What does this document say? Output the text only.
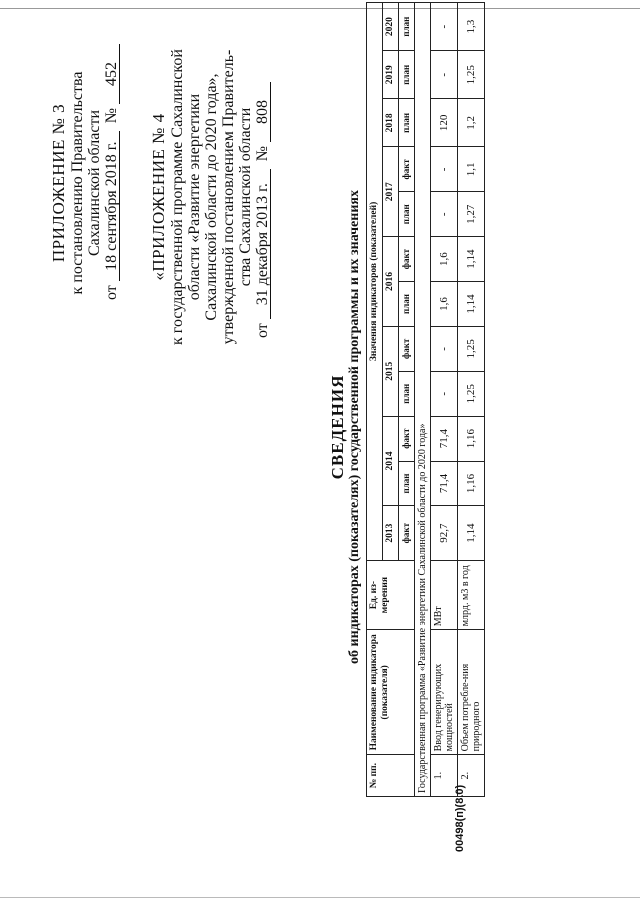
ПРИЛОЖЕНИЕ № 3 к постановлению Правительства Сахалинской области
от 18 сентября 2018 г.  № 452
«ПРИЛОЖЕНИЕ № 4 к государственной программе Сахалинской области «Развитие энергетики Сахалинской области до 2020 года», утвержденной постановлением Правитель- ства Сахалинской области
от 31 декабря 2013 г.  № 808
СВЕДЕНИЯ об индикаторах (показателях) государственной программы и их значениях
№ пп.	Наименование индикатора (показателя)	Ед. из-мерения	Значения индикаторов (показателей)											
			2013	2014		2015		2016		2017		2018	2019	2020
			факт	план	факт	план	факт	план	факт	план	факт	план	план	план
Государственная программа «Развитие энергетики Сахалинской области до 2020 года»														
1.	Ввод генерирующих мощностей	МВт	92,7	71,4	71,4	-	-	1,6	1,6	-	-	120	-	-
2.	Объем потребле-ния природного	млрд. м3 в год	1,14	1,16	1,16	1,25	1,25	1,14	1,14	1,27	1,1	1,2	1,25	1,3
00498(п)(8.0)
